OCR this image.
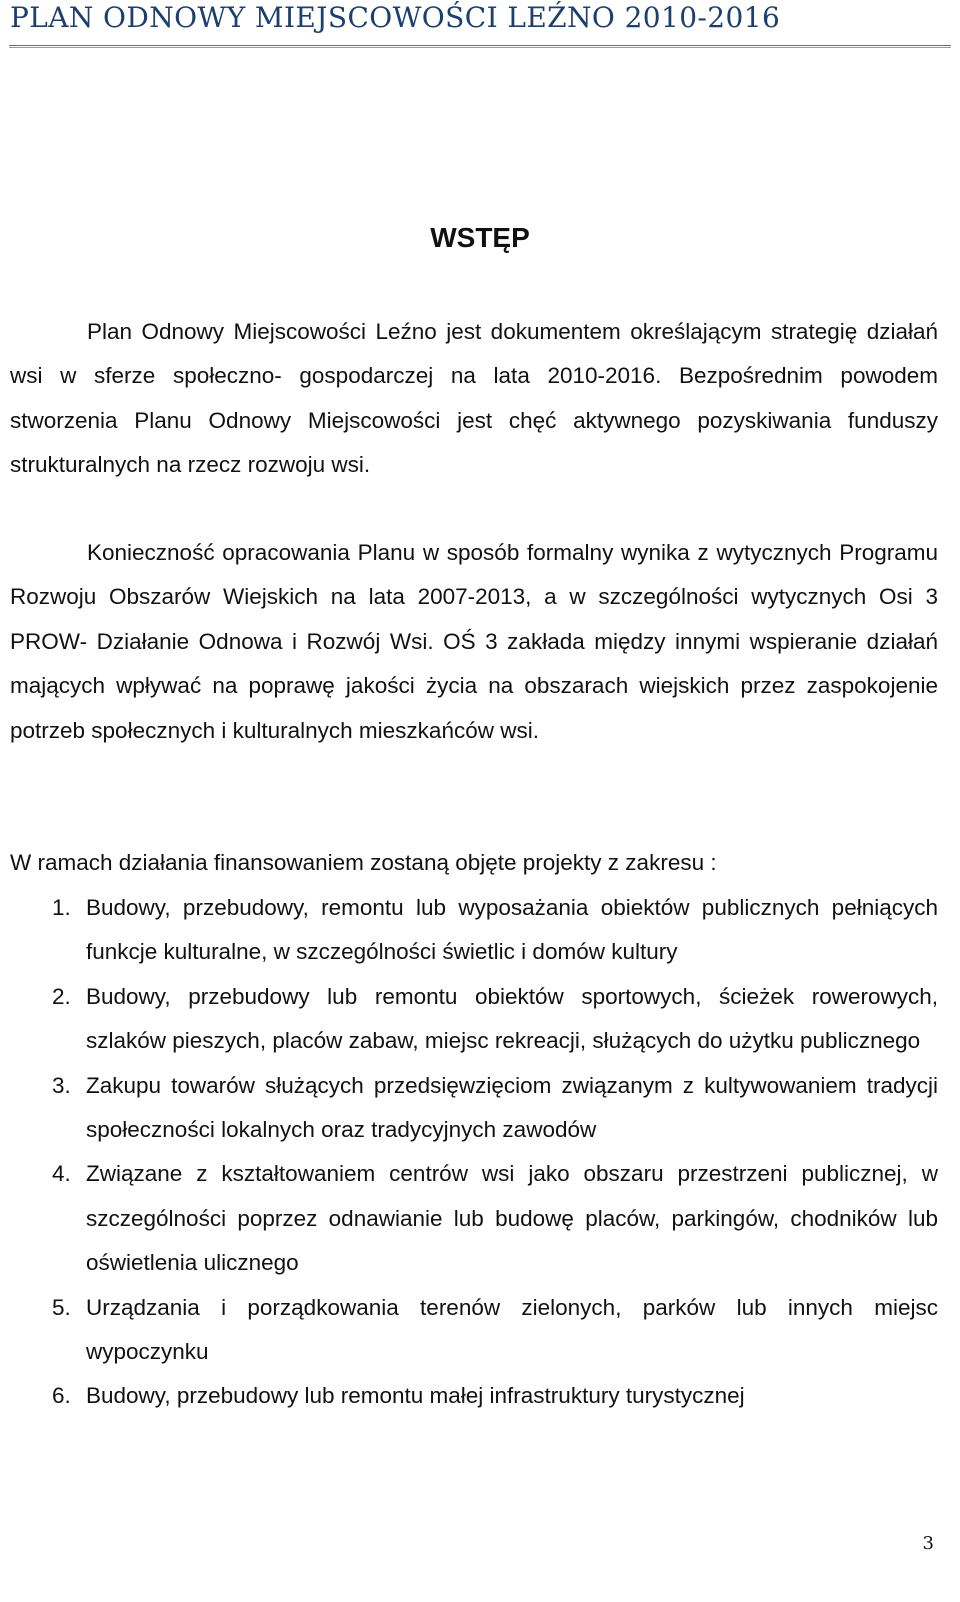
PLAN ODNOWY MIEJSCOWOŚCI LEŹNO 2010-2016
WSTĘP

Plan Odnowy Miejscowości Leźno jest dokumentem określającym strategię działań wsi w sferze społeczno- gospodarczej na lata 2010-2016. Bezpośrednim powodem stworzenia Planu Odnowy Miejscowości jest chęć aktywnego pozyskiwania funduszy strukturalnych na rzecz rozwoju wsi.

Konieczność opracowania Planu w sposób formalny wynika z wytycznych Programu Rozwoju Obszarów Wiejskich na lata 2007-2013, a w szczególności wytycznych Osi 3 PROW- Działanie Odnowa i Rozwój Wsi. OŚ 3 zakłada między innymi wspieranie działań mających wpływać na poprawę jakości życia na obszarach wiejskich przez zaspokojenie potrzeb społecznych i kulturalnych mieszkańców wsi.

W ramach działania finansowaniem zostaną objęte projekty z zakresu :

1. Budowy, przebudowy, remontu lub wyposażania obiektów publicznych pełniących funkcje kulturalne, w szczególności świetlic i domów kultury
2. Budowy, przebudowy lub remontu obiektów sportowych, ścieżek rowerowych, szlaków pieszych, placów zabaw, miejsc rekreacji, służących do użytku publicznego
3. Zakupu towarów służących przedsięwzięciom związanym z kultywowaniem tradycji społeczności lokalnych oraz tradycyjnych zawodów
4. Związane z kształtowaniem centrów wsi jako obszaru przestrzeni publicznej, w szczególności poprzez odnawianie lub budowę placów, parkingów, chodników lub oświetlenia ulicznego
5. Urządzania i porządkowania terenów zielonych, parków lub innych miejsc wypoczynku
6. Budowy, przebudowy lub remontu małej infrastruktury turystycznej

3
